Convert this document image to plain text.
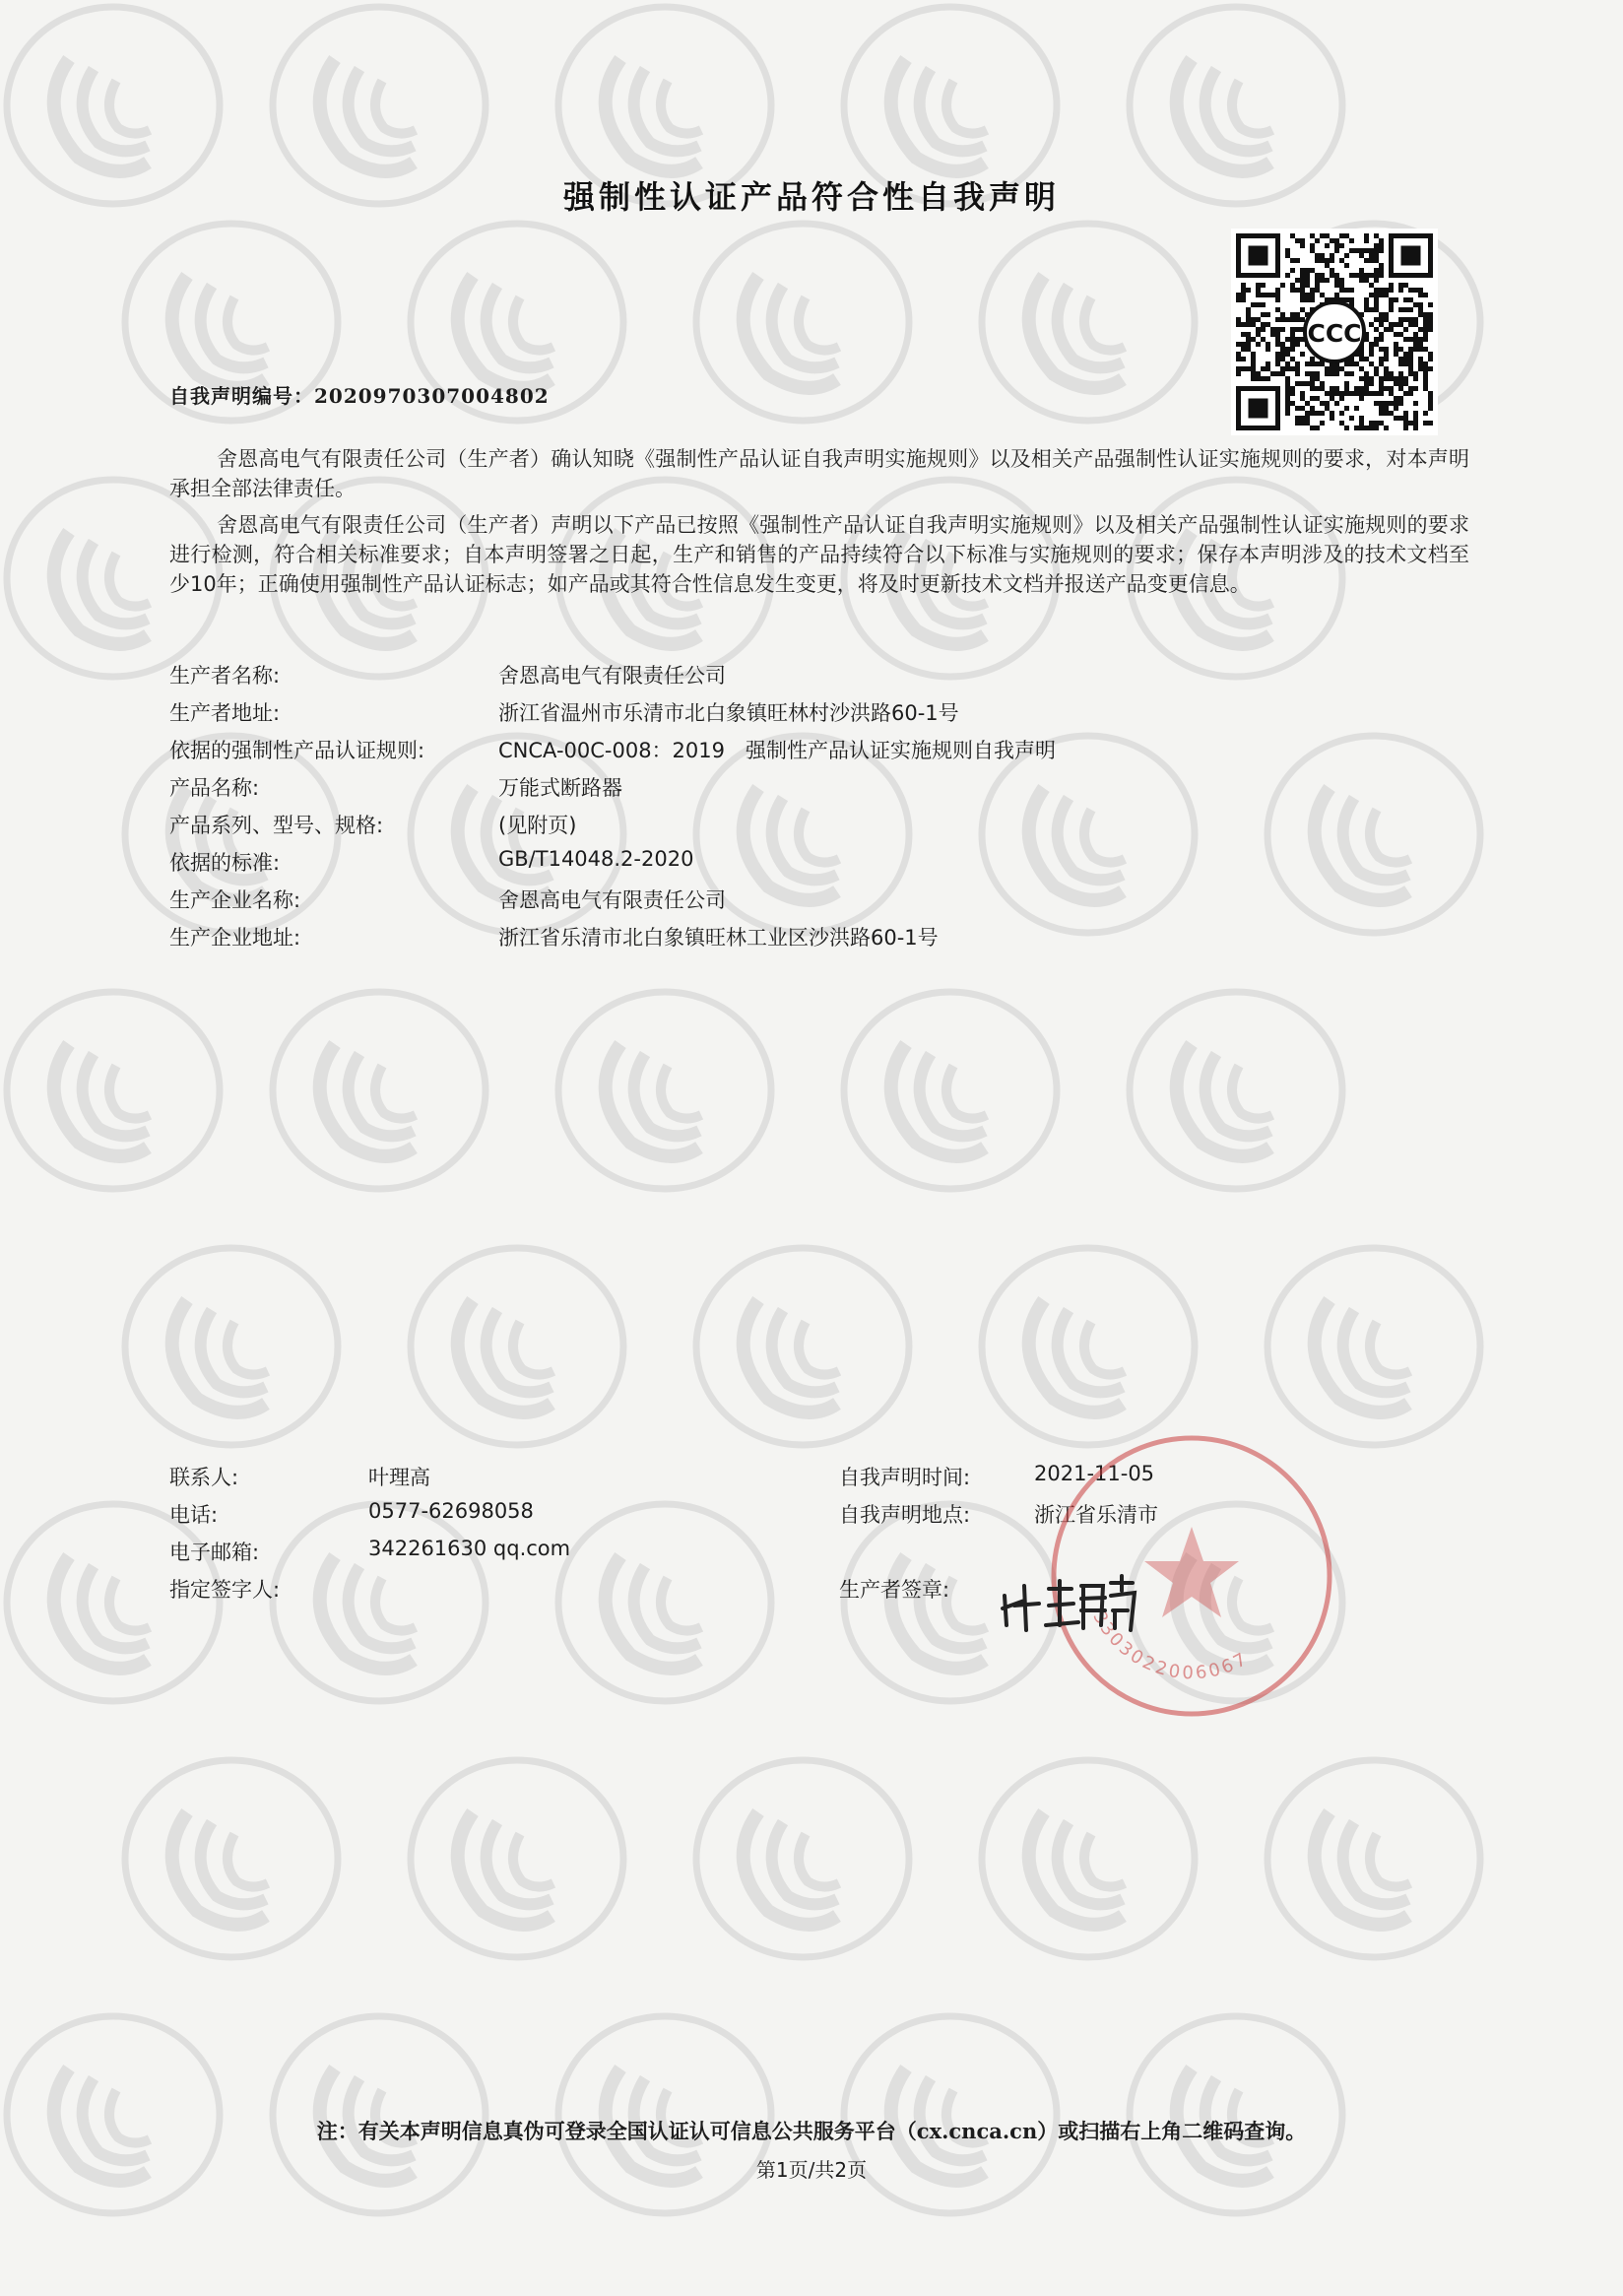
强制性认证产品符合性自我声明
CCC
自我声明编号：2020970307004802
舍恩高电气有限责任公司（生产者）确认知晓《强制性产品认证自我声明实施规则》以及相关产品强制性认证实施规则的要求，对本声明承担全部法律责任。
舍恩高电气有限责任公司（生产者）声明以下产品已按照《强制性产品认证自我声明实施规则》以及相关产品强制性认证实施规则的要求进行检测，符合相关标准要求；自本声明签署之日起，生产和销售的产品持续符合以下标准与实施规则的要求；保存本声明涉及的技术文档至少10年；正确使用强制性产品认证标志；如产品或其符合性信息发生变更，将及时更新技术文档并报送产品变更信息。
生产者名称:	舍恩高电气有限责任公司
生产者地址:	浙江省温州市乐清市北白象镇旺林村沙洪路60-1号
依据的强制性产品认证规则:	CNCA-00C-008：2019　强制性产品认证实施规则自我声明
产品名称:	万能式断路器
产品系列、型号、规格:	(见附页)
依据的标准:	GB/T14048.2-2020
生产企业名称:	舍恩高电气有限责任公司
生产企业地址:	浙江省乐清市北白象镇旺林工业区沙洪路60-1号
联系人:	叶理高
电话:	0577-62698058
电子邮箱:	342261630 qq.com
指定签字人:
自我声明时间:	2021-11-05
自我声明地点:	浙江省乐清市
生产者签章:
3303022006067
注：有关本声明信息真伪可登录全国认证认可信息公共服务平台（cx.cnca.cn）或扫描右上角二维码查询。
第1页/共2页
